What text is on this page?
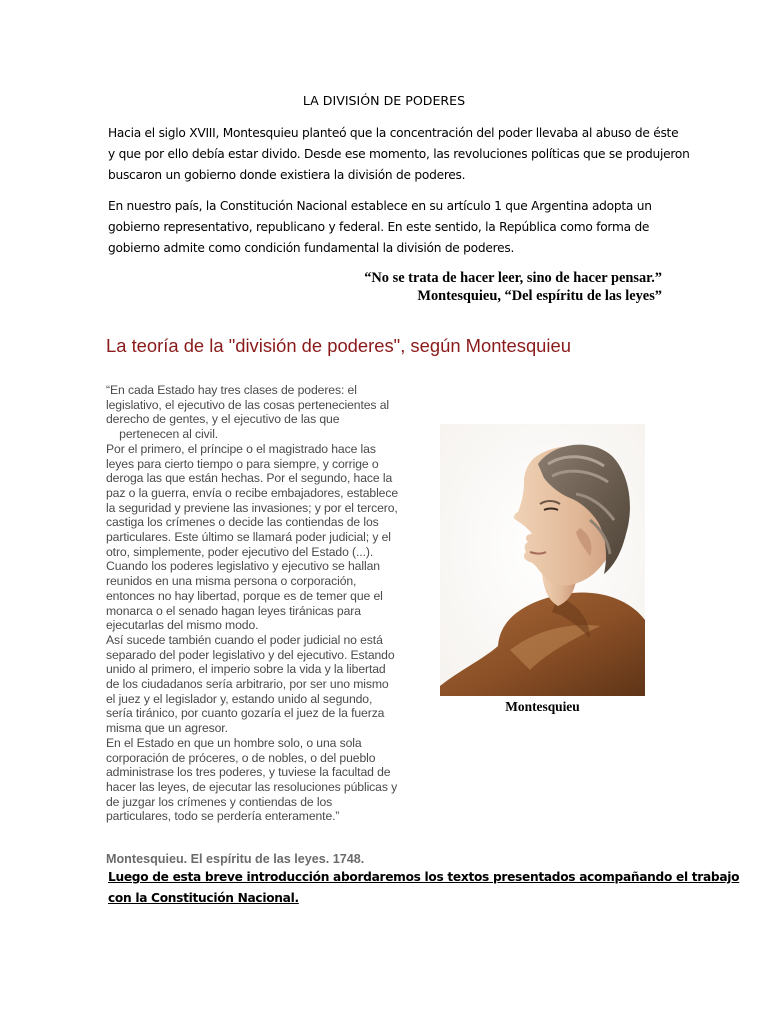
LA DIVISIÓN DE PODERES
Hacia el siglo XVIII, Montesquieu planteó que la concentración del poder llevaba al abuso de éste
y que por ello debía estar divido. Desde ese momento, las revoluciones políticas que se produjeron
buscaron un gobierno donde existiera la división de poderes.
En nuestro país, la Constitución Nacional establece en su artículo 1 que Argentina adopta un
gobierno representativo, republicano y federal. En este sentido, la República como forma de
gobierno admite como condición fundamental la división de poderes.
“No se trata de hacer leer, sino de hacer pensar.”
Montesquieu, “Del espíritu de las leyes”
La teoría de la "división de poderes", según Montesquieu
“En cada Estado hay tres clases de poderes: el
legislativo, el ejecutivo de las cosas pertenecientes al
derecho de gentes, y el ejecutivo de las que
pertenecen al civil.
Por el primero, el príncipe o el magistrado hace las
leyes para cierto tiempo o para siempre, y corrige o
deroga las que están hechas. Por el segundo, hace la
paz o la guerra, envía o recibe embajadores, establece
la seguridad y previene las invasiones; y por el tercero,
castiga los crímenes o decide las contiendas de los
particulares. Este último se llamará poder judicial; y el
otro, simplemente, poder ejecutivo del Estado (...).
Cuando los poderes legislativo y ejecutivo se hallan
reunidos en una misma persona o corporación,
entonces no hay libertad, porque es de temer que el
monarca o el senado hagan leyes tiránicas para
ejecutarlas del mismo modo.
Así sucede también cuando el poder judicial no está
separado del poder legislativo y del ejecutivo. Estando
unido al primero, el imperio sobre la vida y la libertad
de los ciudadanos sería arbitrario, por ser uno mismo
el juez y el legislador y, estando unido al segundo,
sería tiránico, por cuanto gozaría el juez de la fuerza
misma que un agresor.
En el Estado en que un hombre solo, o una sola
corporación de próceres, o de nobles, o del pueblo
administrase los tres poderes, y tuviese la facultad de
hacer las leyes, de ejecutar las resoluciones públicas y
de juzgar los crímenes y contiendas de los
particulares, todo se perdería enteramente.”
Montesquieu
Montesquieu. El espíritu de las leyes. 1748.
Luego de esta breve introducción abordaremos los textos presentados acompañando el trabajo
con la Constitución Nacional.
